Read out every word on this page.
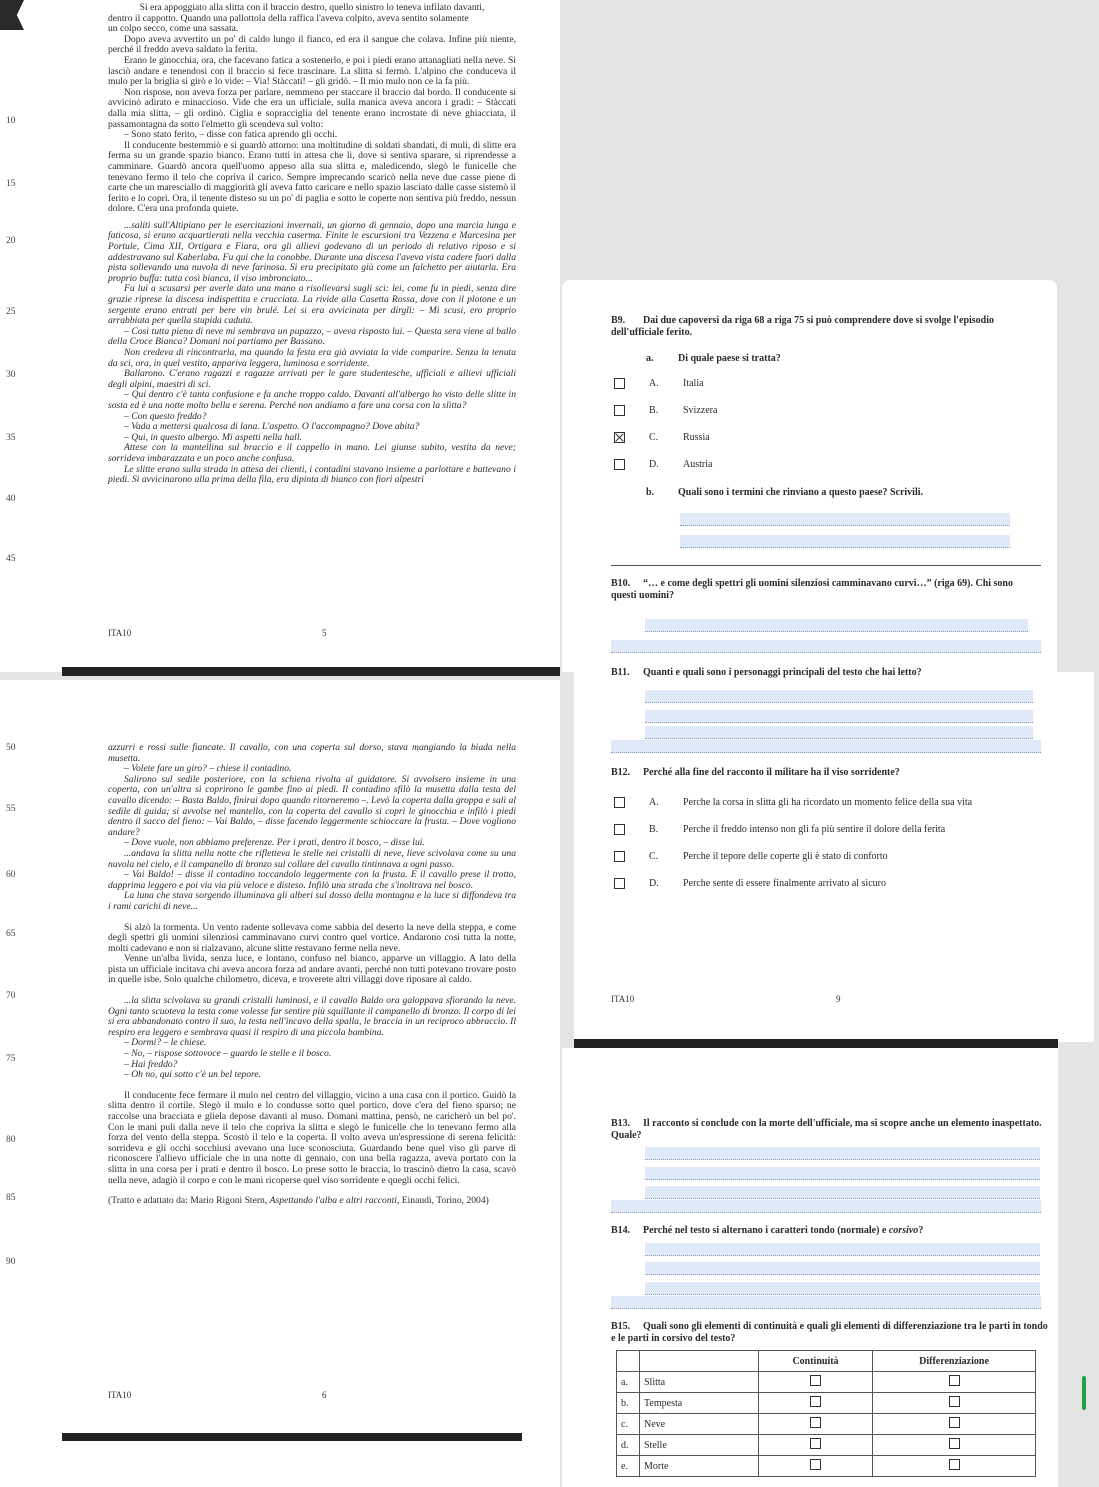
Si era appoggiato alla slitta con il braccio destro, quello sinistro lo teneva infilato davanti,

dentro il cappotto. Quando una pallottola della raffica l'aveva colpito, aveva sentito solamente

un colpo secco, come una sassata.

Dopo aveva avvertito un po' di caldo lungo il fianco, ed era il sangue che colava. Infine più niente, perché il freddo aveva saldato la ferita.

Erano le ginocchia, ora, che facevano fatica a sostenerlo, e poi i piedi erano attanagliati nella neve. Si lasciò andare e tenendosi con il braccio si fece trascinare. La slitta si fermò. L'alpino che conduceva il mulo per la briglia si girò e lo vide: – Via! Stàccati! – gli gridò. – Il mio mulo non ce la fa più.

Non rispose, non aveva forza per parlare, nemmeno per staccare il braccio dal bordo. Il conducente si avvicinò adirato e minaccioso. Vide che era un ufficiale, sulla manica aveva ancora i gradi: – Stàccati dalla mia slitta, – gli ordinò. Ciglia e sopracciglia del tenente erano incrostate di neve ghiacciata, il passamontagna da sotto l'elmetto gli scendeva sul volto:

– Sono stato ferito, – disse con fatica aprendo gli occhi.

Il conducente bestemmiò e si guardò attorno: una moltitudine di soldati sbandati, di muli, di slitte era ferma su un grande spazio bianco. Erano tutti in attesa che lì, dove si sentiva sparare, si riprendesse a camminare. Guardò ancora quell'uomo appeso alla sua slitta e, maledicendo, slegò le funicelle che tenevano fermo il telo che copriva il carico. Sempre imprecando scaricò nella neve due casse piene di carte che un maresciallo di maggiorità gli aveva fatto caricare e nello spazio lasciato dalle casse sistemò il ferito e lo coprì. Ora, il tenente disteso su un po' di paglia e sotto le coperte non sentiva più freddo, nessun dolore. C'era una profonda quiete.

...saliti sull'Altipiano per le esercitazioni invernali, un giorno di gennaio, dopo una marcia lunga e faticosa, si erano acquartierati nella vecchia caserma. Finite le escursioni tra Vezzena e Marcesina per Portule, Cima XII, Ortigara e Fiara, ora gli allievi godevano di un periodo di relativo riposo e si addestravano sul Kaberlaba. Fu qui che la conobbe. Durante una discesa l'aveva vista cadere fuori dalla pista sollevando una nuvola di neve farinosa. Si era precipitato giù come un falchetto per aiutarla. Era proprio buffa: tutta così bianca, il viso imbronciato...

Fu lui a scusarsi per averle dato una mano a risollevarsi sugli sci: lei, come fu in piedi, senza dire grazie riprese la discesa indispettita e crucciata. La rivide alla Casetta Rossa, dove con il plotone e un sergente erano entrati per bere vin brulé. Lei si era avvicinata per dirgli: – Mi scusi, ero proprio arrabbiata per quella stupida caduta.

– Così tutta piena di neve mi sembrava un pupazzo, – aveva risposto lui. – Questa sera viene al ballo della Croce Bianca? Domani noi partiamo per Bassano.

Non credeva di rincontrarla, ma quando la festa era già avviata la vide comparire. Senza la tenuta da sci, ora, in quel vestito, appariva leggera, luminosa e sorridente.

Ballarono. C'erano ragazzi e ragazze arrivati per le gare studentesche, ufficiali e allievi ufficiali degli alpini, maestri di sci.

– Qui dentro c'è tanta confusione e fa anche troppo caldo. Davanti all'albergo ho visto delle slitte in sosta ed è una notte molto bella e serena. Perché non andiamo a fare una corsa con la slitta?

– Con questo freddo?

– Vada a mettersi qualcosa di lana. L'aspetto. O l'accompagno? Dove abita?

– Qui, in questo albergo. Mi aspetti nella hall.

Attese con la mantellina sul braccio e il cappello in mano. Lei giunse subito, vestita da neve; sorrideva imbarazzata e un poco anche confusa.

Le slitte erano sulla strada in attesa dei clienti, i contadini stavano insieme a parlottare e battevano i piedi. Si avvicinarono alla prima della fila, era dipinta di bianco con fiori alpestri

10
15
20
25
30
35
40
45
ITA10	5

azzurri e rossi sulle fiancate. Il cavallo, con una coperta sul dorso, stava mangiando la biada nella musetta.

– Volete fare un giro? – chiese il contadino.

Salirono sul sedile posteriore, con la schiena rivolta al guidatore. Si avvolsero insieme in una coperta, con un'altra si coprirono le gambe fino ai piedi. Il contadino sfilò la musetta dalla testa del cavallo dicendo: – Basta Baldo, finirai dopo quando ritorneremo –. Levò la coperta dalla groppa e salì al sedile di guida; si avvolse nel mantello, con la coperta del cavallo si coprì le ginocchia e infilò i piedi dentro il sacco del fieno: – Vai Baldo, – disse facendo leggermente schioccare la frusta. – Dove vogliono andare?

– Dove vuole, non abbiamo preferenze. Per i prati, dentro il bosco, – disse lui.

...andava la slitta nella notte che rifletteva le stelle nei cristalli di neve, lieve scivolava come su una nuvola nel cielo, e il campanello di bronzo sul collare del cavallo tintinnava a ogni passo.

– Vai Baldo! – disse il contadino toccandolo leggermente con la frusta. E il cavallo prese il trotto, dapprima leggero e poi via via più veloce e disteso. Infilò una strada che s'inoltrava nel bosco.

La luna che stava sorgendo illuminava gli alberi sul dosso della montagna e la luce si diffondeva tra i rami carichi di neve...

Si alzò la tormenta. Un vento radente sollevava come sabbia del deserto la neve della steppa, e come degli spettri gli uomini silenziosi camminavano curvi contro quel vortice. Andarono così tutta la notte, molti cadevano e non si rialzavano, alcune slitte restavano ferme nella neve.

Venne un'alba livida, senza luce, e lontano, confuso nel bianco, apparve un villaggio. A lato della pista un ufficiale incitava chi aveva ancora forza ad andare avanti, perché non tutti potevano trovare posto in quelle isbe. Solo qualche chilometro, diceva, e troverete altri villaggi dove riposare al caldo.

...la slitta scivolava su grandi cristalli luminosi, e il cavallo Baldo ora galoppava sfiorando la neve. Ogni tanto scuoteva la testa come volesse far sentire più squillante il campanello di bronzo. Il corpo di lei si era abbandonato contro il suo, la testa nell'incavo della spalla, le braccia in un reciproco abbraccio. Il respiro era leggero e sembrava quasi il respiro di una piccola bambina.

– Dormi? – le chiese.

– No, – rispose sottovoce – guardo le stelle e il bosco.

– Hai freddo?

– Oh no, qui sotto c'è un bel tepore.

Il conducente fece fermare il mulo nel centro del villaggio, vicino a una casa con il portico. Guidò la slitta dentro il cortile. Slegò il mulo e lo condusse sotto quel portico, dove c'era del fieno sparso; ne raccolse una bracciata e gliela depose davanti al muso. Domani mattina, pensò, ne caricherò un bel po'. Con le mani puli dalla neve il telo che copriva la slitta e slegò le funicelle che lo tenevano fermo alla forza del vento della steppa. Scostò il telo e la coperta. Il volto aveva un'espressione di serena felicità: sorrideva e gli occhi socchiusi avevano una luce sconosciuta. Guardando bene quel viso gli parve di riconoscere l'allievo ufficiale che in una notte di gennaio, con una bella ragazza, aveva portato con la slitta in una corsa per i prati e dentro il bosco. Lo prese sotto le braccia, lo trascinò dietro la casa, scavò nella neve, adagiò il corpo e con le mani ricoperse quel viso sorridente e quegli occhi felici.

(Tratto e adattato da: Mario Rigoni Stern, Aspettando l'alba e altri racconti, Einaudi, Torino, 2004)

50
55
60
65
70
75
80
85
90
ITA10	6
B9. Dai due capoversi da riga 68 a riga 75 si può comprendere dove si svolge l'episodio dell'ufficiale ferito.
a. Di quale paese si tratta?
A.	Italia
B.	Svizzera
C.	Russia
D.	Austria
b. Quali sono i termini che rinviano a questo paese? Scrivili.
B10. “… e come degli spettri gli uomini silenziosi camminavano curvi…” (riga 69). Chi sono questi uomini?
B11. Quanti e quali sono i personaggi principali del testo che hai letto?
B12. Perché alla fine del racconto il militare ha il viso sorridente?
A.	Perche la corsa in slitta gli ha ricordato un momento felice della sua vita
B.	Perche il freddo intenso non gli fa più sentire il dolore della ferita
C.	Perche il tepore delle coperte gli è stato di conforto
D.	Perche sente di essere finalmente arrivato al sicuro
ITA10	9
B13. Il racconto si conclude con la morte dell'ufficiale, ma si scopre anche un elemento inaspettato. Quale?
B14. Perché nel testo si alternano i caratteri tondo (normale) e corsivo?
B15. Quali sono gli elementi di continuità e quali gli elementi di differenziazione tra le parti in tondo e le parti in corsivo del testo?
		Continuità	Differenziazione
a.	Slitta		
b.	Tempesta		
c.	Neve		
d.	Stelle		
e.	Morte		
